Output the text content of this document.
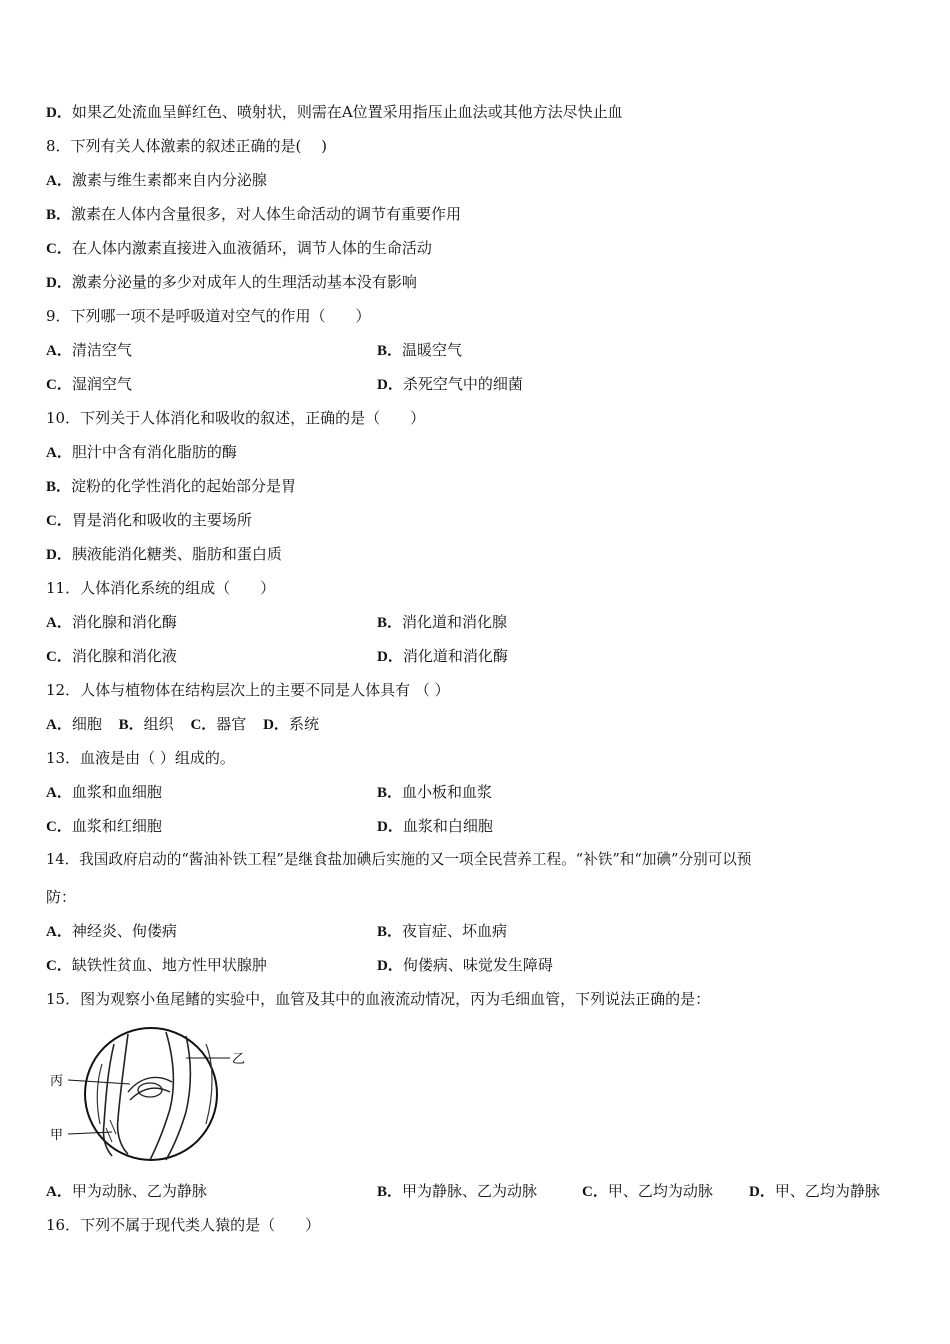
D．如果乙处流血呈鲜红色、喷射状，则需在A位置采用指压止血法或其他方法尽快止血
8．下列有关人体激素的叙述正确的是(　 )
A．激素与维生素都来自内分泌腺
B．激素在人体内含量很多，对人体生命活动的调节有重要作用
C．在人体内激素直接进入血液循环，调节人体的生命活动
D．激素分泌量的多少对成年人的生理活动基本没有影响
9．下列哪一项不是呼吸道对空气的作用（　　）
A．清洁空气	B．温暖空气
C．湿润空气	D．杀死空气中的细菌
10．下列关于人体消化和吸收的叙述，正确的是（　　）
A．胆汁中含有消化脂肪的酶
B．淀粉的化学性消化的起始部分是胃
C．胃是消化和吸收的主要场所
D．胰液能消化糖类、脂肪和蛋白质
11．人体消化系统的组成（　　）
A．消化腺和消化酶	B．消化道和消化腺
C．消化腺和消化液	D．消化道和消化酶
12．人体与植物体在结构层次上的主要不同是人体具有 （ ）
A．细胞 B．组织 C．器官 D．系统
13．血液是由（ ）组成的。
A．血浆和血细胞	B．血小板和血浆
C．血浆和红细胞	D．血浆和白细胞
14．我国政府启动的“酱油补铁工程”是继食盐加碘后实施的又一项全民营养工程。“补铁”和“加碘”分别可以预
防：
A．神经炎、佝偻病	B．夜盲症、坏血病
C．缺铁性贫血、地方性甲状腺肿	D．佝偻病、味觉发生障碍
15．图为观察小鱼尾鳍的实验中，血管及其中的血液流动情况，丙为毛细血管，下列说法正确的是：
丙
乙
甲
A．甲为动脉、乙为静脉	B．甲为静脉、乙为动脉	C．甲、乙均为动脉 D．甲、乙均为静脉
16．下列不属于现代类人猿的是（　　）
